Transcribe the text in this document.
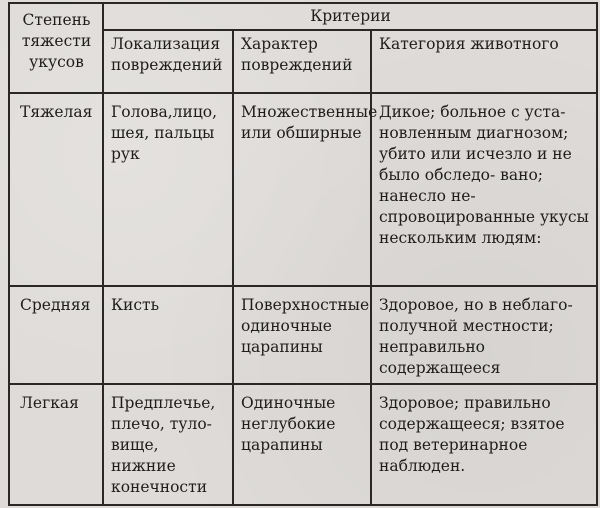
Степень тяжести укусов	Критерии		

	Локализация повреждений	Характер повреждений	Категория животного

Тяжелая	Голова,лицо, шея, пальцы рук	Множественные или обширные	Дикое; больное с уста- новленным диагнозом; убито или исчезло и не было обследо- вано; нанесло не- спровоцированные укусы нескольким людям:

Средняя	Кисть	Поверхностные одиночные царапины	Здоровое, но в неблаго- получной местности; неправильно содержащееся

Легкая	Предплечье, плечо, туло- вище, нижние конечности	Одиночные неглубокие царапины	Здоровое; правильно содержащееся; взятое под ветеринарное наблюден.
